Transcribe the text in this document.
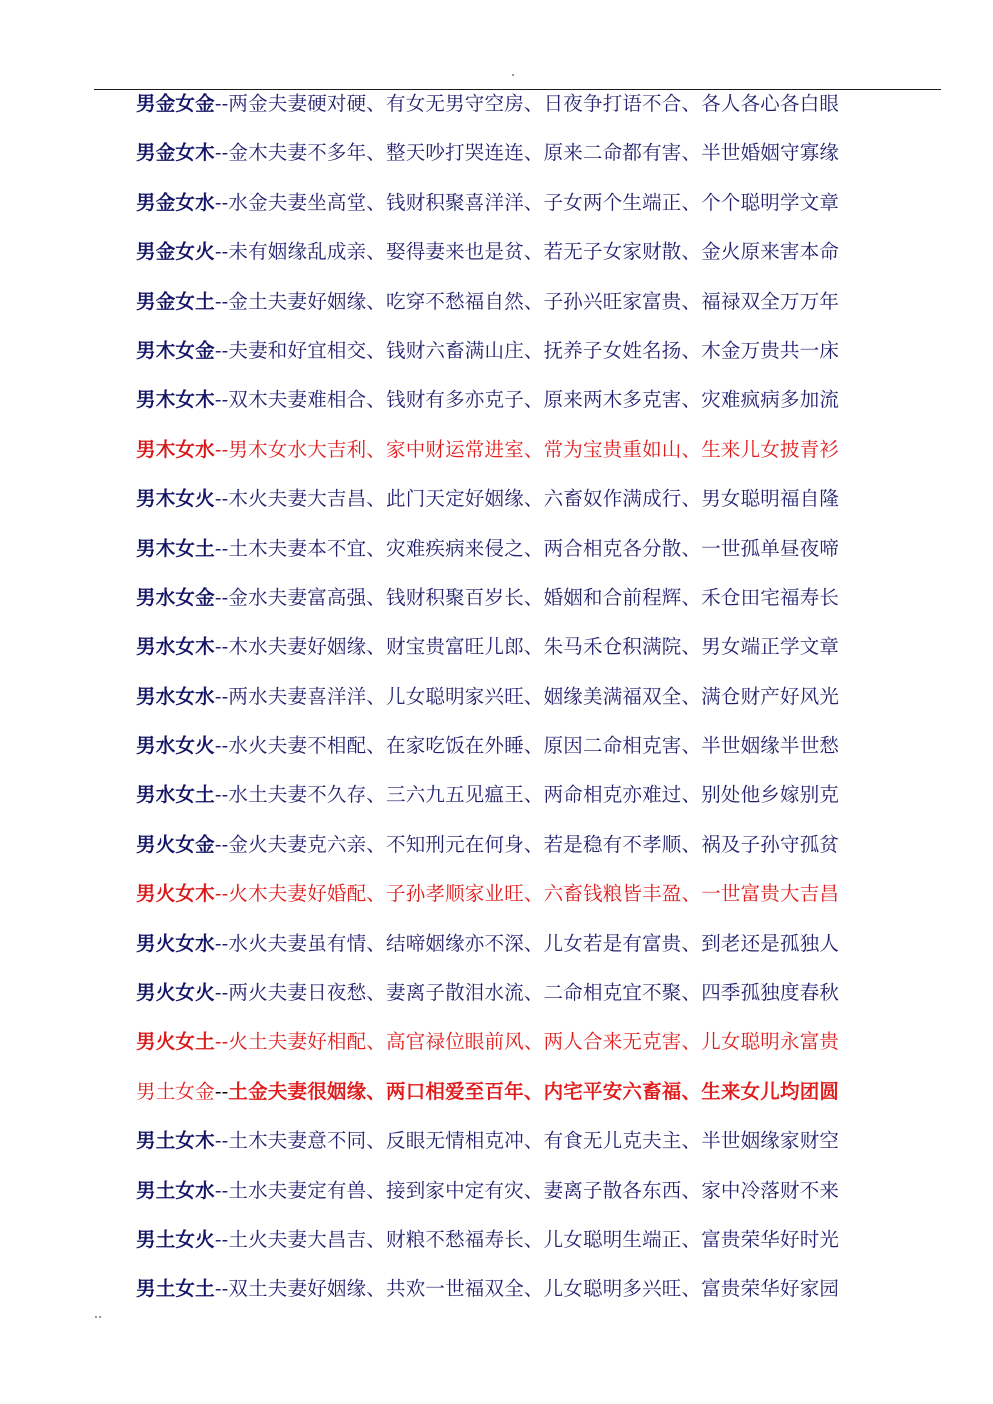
男金女金--两金夫妻硬对硬、有女无男守空房、日夜争打语不合、各人各心各白眼
男金女木--金木夫妻不多年、整天吵打哭连连、原来二命都有害、半世婚姻守寡缘
男金女水--水金夫妻坐高堂、钱财积聚喜洋洋、子女两个生端正、个个聪明学文章
男金女火--未有姻缘乱成亲、娶得妻来也是贫、若无子女家财散、金火原来害本命
男金女土--金土夫妻好姻缘、吃穿不愁福自然、子孙兴旺家富贵、福禄双全万万年
男木女金--夫妻和好宜相交、钱财六畜满山庄、抚养子女姓名扬、木金万贵共一床
男木女木--双木夫妻难相合、钱财有多亦克子、原来两木多克害、灾难疯病多加流
男木女水--男木女水大吉利、家中财运常进室、常为宝贵重如山、生来儿女披青衫
男木女火--木火夫妻大吉昌、此门天定好姻缘、六畜奴作满成行、男女聪明福自隆
男木女土--土木夫妻本不宜、灾难疾病来侵之、两合相克各分散、一世孤单昼夜啼
男水女金--金水夫妻富高强、钱财积聚百岁长、婚姻和合前程辉、禾仓田宅福寿长
男水女木--木水夫妻好姻缘、财宝贵富旺儿郎、朱马禾仓积满院、男女端正学文章
男水女水--两水夫妻喜洋洋、儿女聪明家兴旺、姻缘美满福双全、满仓财产好风光
男水女火--水火夫妻不相配、在家吃饭在外睡、原因二命相克害、半世姻缘半世愁
男水女土--水土夫妻不久存、三六九五见瘟王、两命相克亦难过、别处他乡嫁别克
男火女金--金火夫妻克六亲、不知刑元在何身、若是稳有不孝顺、祸及子孙守孤贫
男火女木--火木夫妻好婚配、子孙孝顺家业旺、六畜钱粮皆丰盈、一世富贵大吉昌
男火女水--水火夫妻虽有情、结啼姻缘亦不深、儿女若是有富贵、到老还是孤独人
男火女火--两火夫妻日夜愁、妻离子散泪水流、二命相克宜不聚、四季孤独度春秋
男火女土--火土夫妻好相配、高官禄位眼前风、两人合来无克害、儿女聪明永富贵
男土女金--土金夫妻很姻缘、两口相爱至百年、内宅平安六畜福、生来女儿均团圆
男土女木--土木夫妻意不同、反眼无情相克冲、有食无儿克夫主、半世姻缘家财空
男土女水--土水夫妻定有兽、接到家中定有灾、妻离子散各东西、家中冷落财不来
男土女火--土火夫妻大昌吉、财粮不愁福寿长、儿女聪明生端正、富贵荣华好时光
男土女土--双土夫妻好姻缘、共欢一世福双全、儿女聪明多兴旺、富贵荣华好家园
